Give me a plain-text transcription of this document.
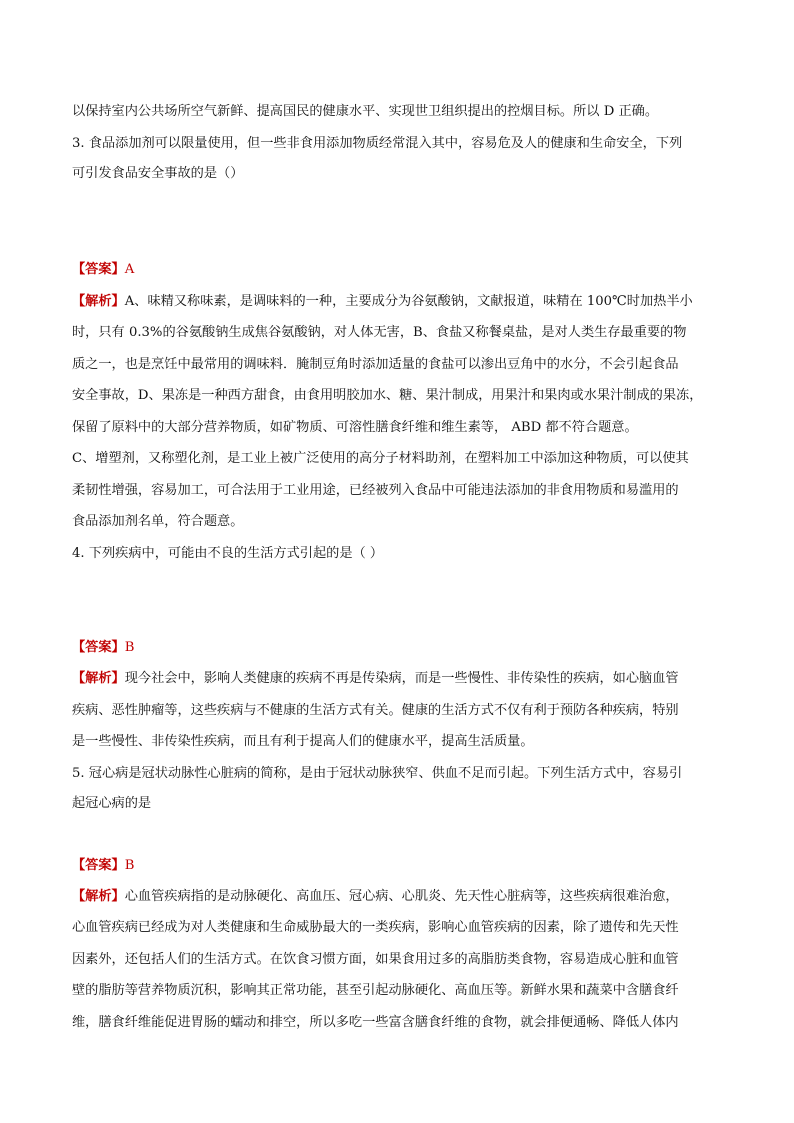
以保持室内公共场所空气新鲜、提高国民的健康水平、实现世卫组织提出的控烟目标。所以 D 正确。
3. 食品添加剂可以限量使用，但一些非食用添加物质经常混入其中，容易危及人的健康和生命安全，下列
可引发食品安全事故的是（）
【答案】A
【解析】A、味精又称味素，是调味料的一种，主要成分为谷氨酸钠，文献报道，味精在 100℃时加热半小
时，只有 0.3%的谷氨酸钠生成焦谷氨酸钠，对人体无害，B、食盐又称餐桌盐，是对人类生存最重要的物
质之一，也是烹饪中最常用的调味料．腌制豆角时添加适量的食盐可以渗出豆角中的水分，不会引起食品
安全事故，D、果冻是一种西方甜食，由食用明胶加水、糖、果汁制成，用果汁和果肉或水果汁制成的果冻，
保留了原料中的大部分营养物质，如矿物质、可溶性膳食纤维和维生素等， ABD 都不符合题意。
C、增塑剂，又称塑化剂，是工业上被广泛使用的高分子材料助剂，在塑料加工中添加这种物质，可以使其
柔韧性增强，容易加工，可合法用于工业用途，已经被列入食品中可能违法添加的非食用物质和易滥用的
食品添加剂名单，符合题意。
4. 下列疾病中，可能由不良的生活方式引起的是（ ）
【答案】B
【解析】现今社会中，影响人类健康的疾病不再是传染病，而是一些慢性、非传染性的疾病，如心脑血管
疾病、恶性肿瘤等，这些疾病与不健康的生活方式有关。健康的生活方式不仅有利于预防各种疾病，特别
是一些慢性、非传染性疾病，而且有利于提高人们的健康水平，提高生活质量。
5. 冠心病是冠状动脉性心脏病的简称，是由于冠状动脉狭窄、供血不足而引起。下列生活方式中，容易引
起冠心病的是
【答案】B
【解析】心血管疾病指的是动脉硬化、高血压、冠心病、心肌炎、先天性心脏病等，这些疾病很难治愈，
心血管疾病已经成为对人类健康和生命威胁最大的一类疾病，影响心血管疾病的因素，除了遗传和先天性
因素外，还包括人们的生活方式。在饮食习惯方面，如果食用过多的高脂肪类食物，容易造成心脏和血管
壁的脂肪等营养物质沉积，影响其正常功能，甚至引起动脉硬化、高血压等。新鲜水果和蔬菜中含膳食纤
维，膳食纤维能促进胃肠的蠕动和排空，所以多吃一些富含膳食纤维的食物，就会排便通畅、降低人体内
